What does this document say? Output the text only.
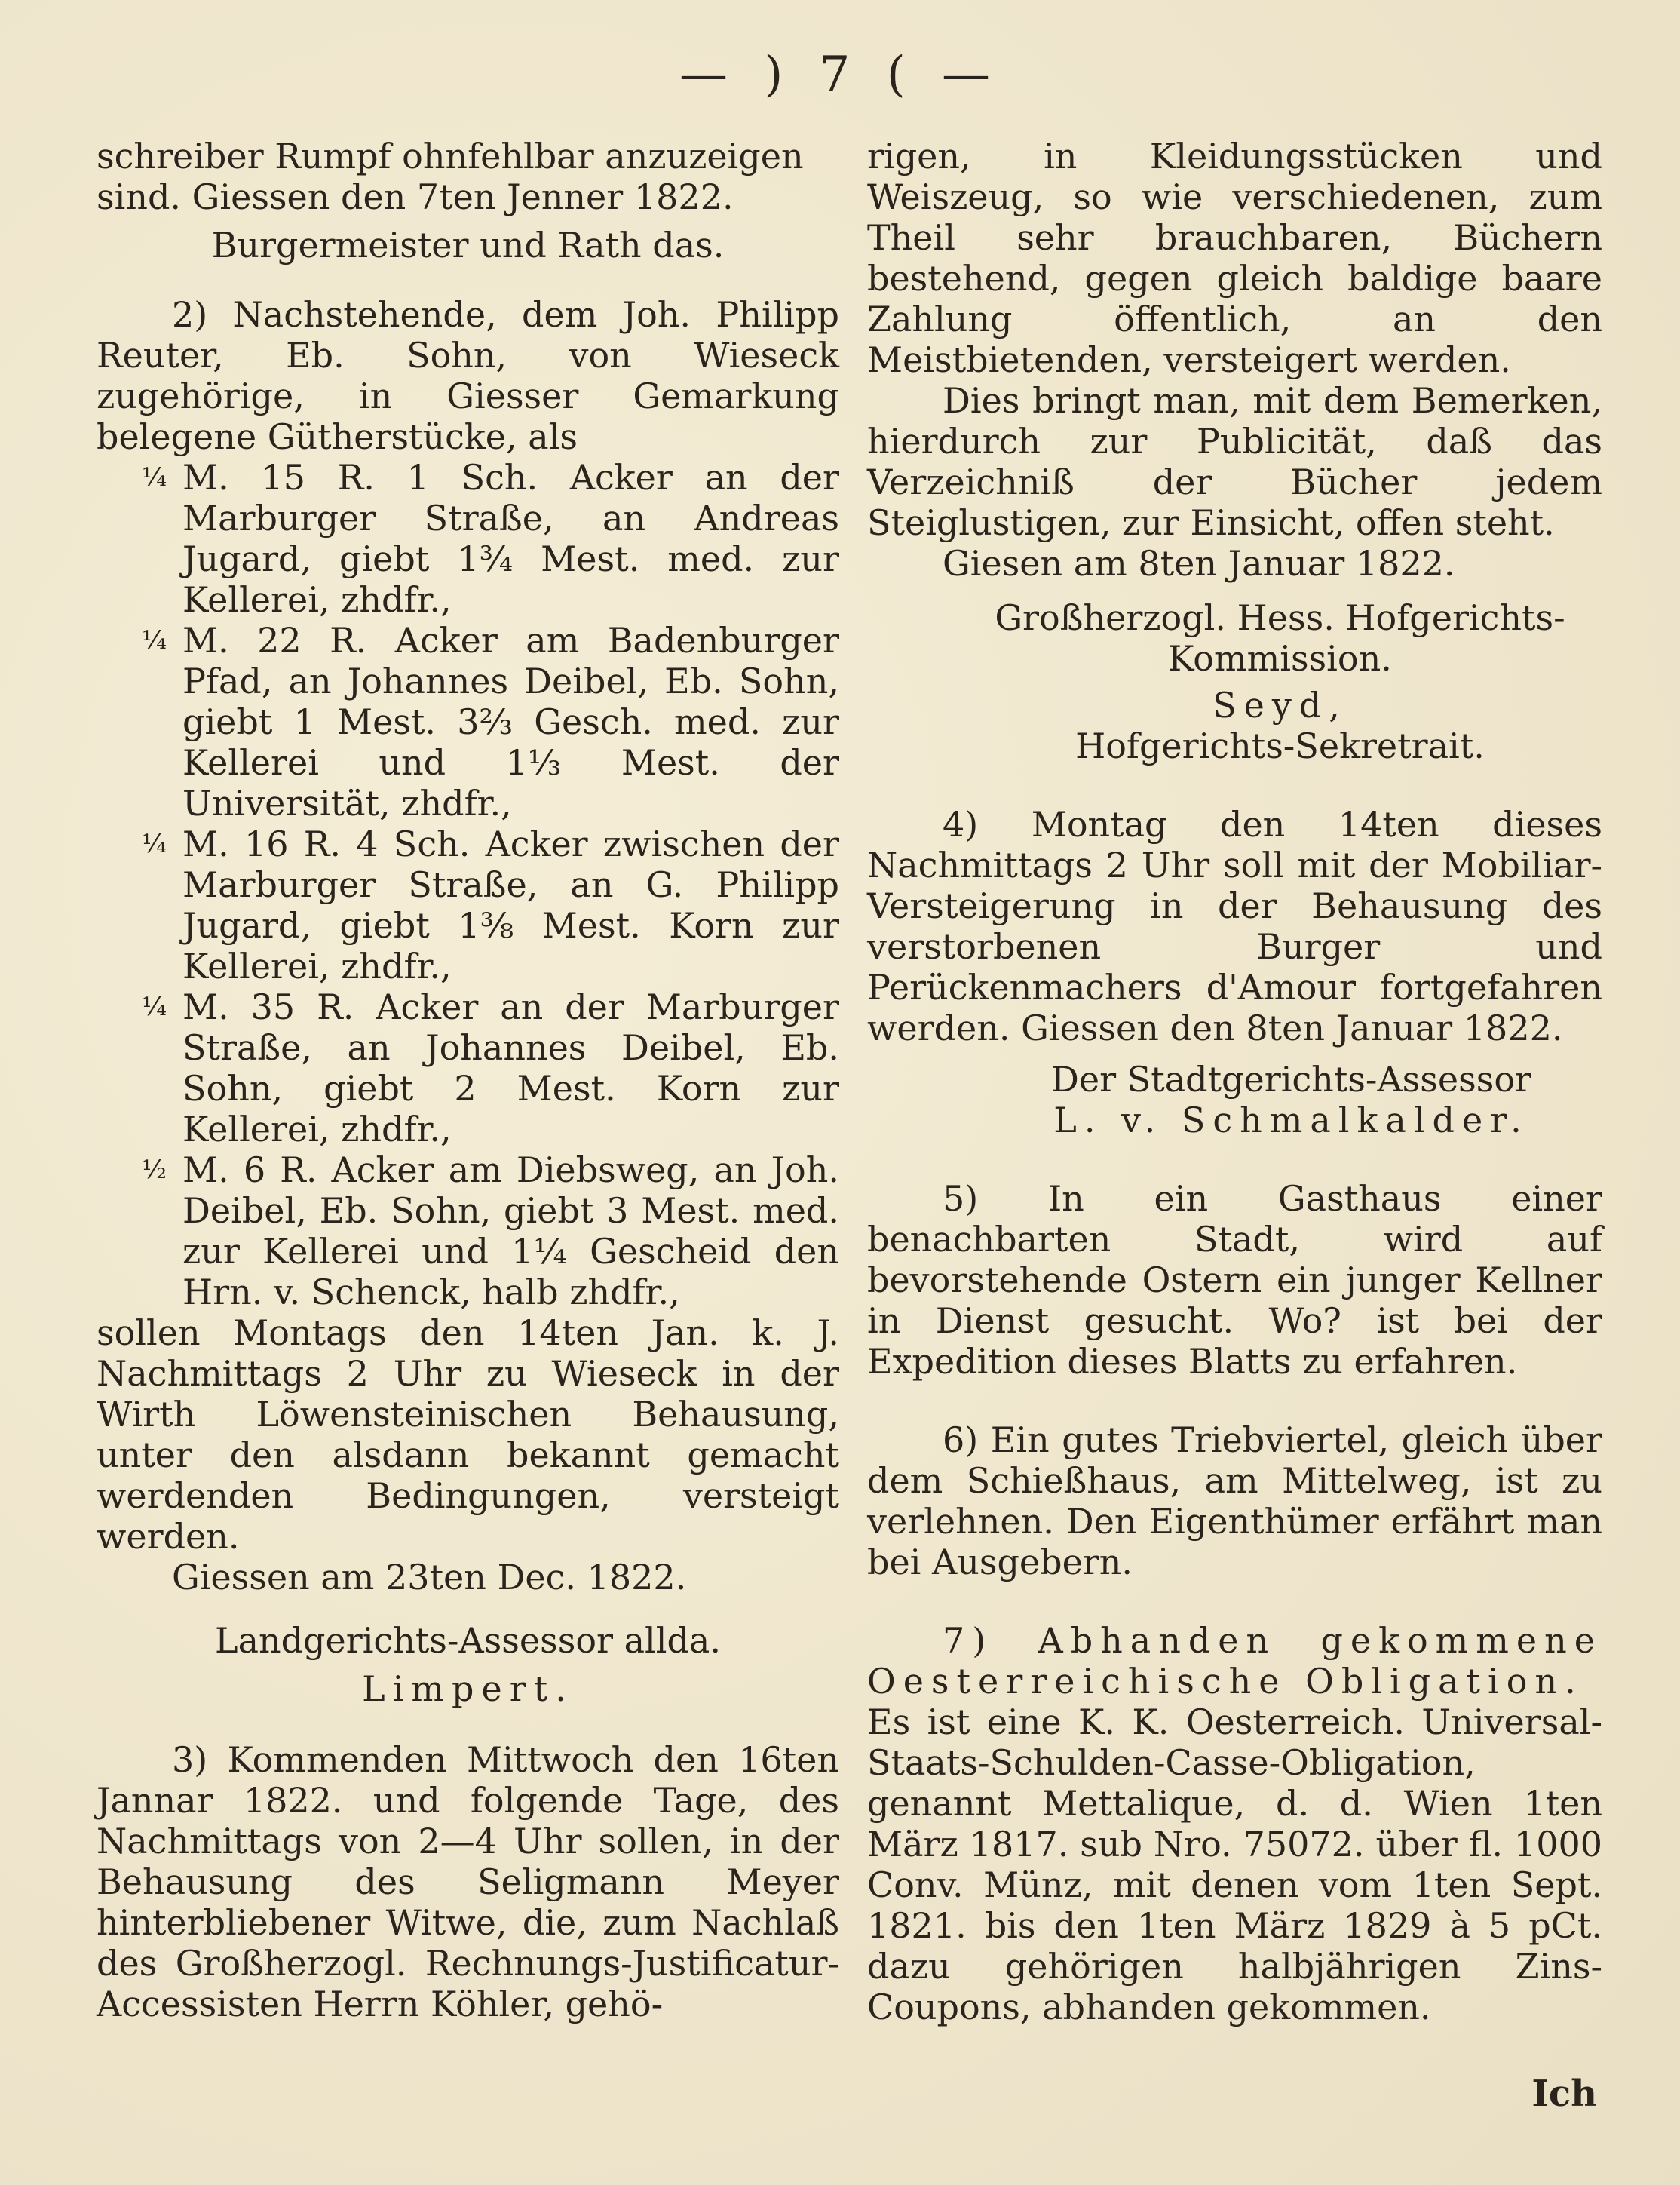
— ) 7 ( —

schreiber Rumpf ohnfehlbar anzuzeigen

sind. Giessen den 7ten Jenner 1822.

Burgermeister und Rath das.

2) Nachstehende, dem Joh. Philipp Reuter, Eb. Sohn, von Wieseck zugehörige, in Giesser Gemarkung belegene Gütherstücke, als

¼ M. 15 R. 1 Sch. Acker an der Marburger Straße, an Andreas Jugard, giebt 1¾ Mest. med. zur Kellerei, zhdfr.,
¼ M. 22 R. Acker am Badenburger Pfad, an Johannes Deibel, Eb. Sohn, giebt 1 Mest. 3⅔ Gesch. med. zur Kellerei und 1⅓ Mest. der Universität, zhdfr.,
¼ M. 16 R. 4 Sch. Acker zwischen der Marburger Straße, an G. Philipp Jugard, giebt 1⅜ Mest. Korn zur Kellerei, zhdfr.,
¼ M. 35 R. Acker an der Marburger Straße, an Johannes Deibel, Eb. Sohn, giebt 2 Mest. Korn zur Kellerei, zhdfr.,
½ M. 6 R. Acker am Diebsweg, an Joh. Deibel, Eb. Sohn, giebt 3 Mest. med. zur Kellerei und 1¼ Gescheid den Hrn. v. Schenck, halb zhdfr.,

sollen Montags den 14ten Jan. k. J. Nachmittags 2 Uhr zu Wieseck in der Wirth Löwensteinischen Behausung, unter den alsdann bekannt gemacht werdenden Bedingungen, versteigt werden.

Giessen am 23ten Dec. 1822.

Landgerichts-Assessor allda.

Limpert.

3) Kommenden Mittwoch den 16ten Jannar 1822. und folgende Tage, des Nachmittags von 2—4 Uhr sollen, in der Behausung des Seligmann Meyer hinterbliebener Witwe, die, zum Nachlaß des Großherzogl. Rechnungs-Justificatur-Accessisten Herrn Köhler, gehö-

rigen, in Kleidungsstücken und Weiszeug, so wie verschiedenen, zum Theil sehr brauchbaren, Büchern bestehend, gegen gleich baldige baare Zahlung öffentlich, an den Meistbietenden, versteigert werden.

Dies bringt man, mit dem Bemerken, hierdurch zur Publicität, daß das Verzeichniß der Bücher jedem Steiglustigen, zur Einsicht, offen steht.

Giesen am 8ten Januar 1822.

Großherzogl. Hess. Hofgerichts-Kommission.

Seyd,

Hofgerichts-Sekretrait.

4) Montag den 14ten dieses Nachmittags 2 Uhr soll mit der Mobiliar-Versteigerung in der Behausung des verstorbenen Burger und Perückenmachers d'Amour fortgefahren werden. Giessen den 8ten Januar 1822.

Der Stadtgerichts-Assessor

L. v. Schmalkalder.

5) In ein Gasthaus einer benachbarten Stadt, wird auf bevorstehende Ostern ein junger Kellner in Dienst gesucht. Wo? ist bei der Expedition dieses Blatts zu erfahren.

6) Ein gutes Triebviertel, gleich über dem Schießhaus, am Mittelweg, ist zu verlehnen. Den Eigenthümer erfährt man bei Ausgebern.

7) Abhanden gekommene Oesterreichische Obligation.

Es ist eine K. K. Oesterreich. Universal-Staats-Schulden-Casse-Obligation, genannt Mettalique, d. d. Wien 1ten März 1817. sub Nro. 75072. über fl. 1000 Conv. Münz, mit denen vom 1ten Sept. 1821. bis den 1ten März 1829 à 5 pCt. dazu gehörigen halbjährigen Zins-Coupons, abhanden gekommen.

Ich
